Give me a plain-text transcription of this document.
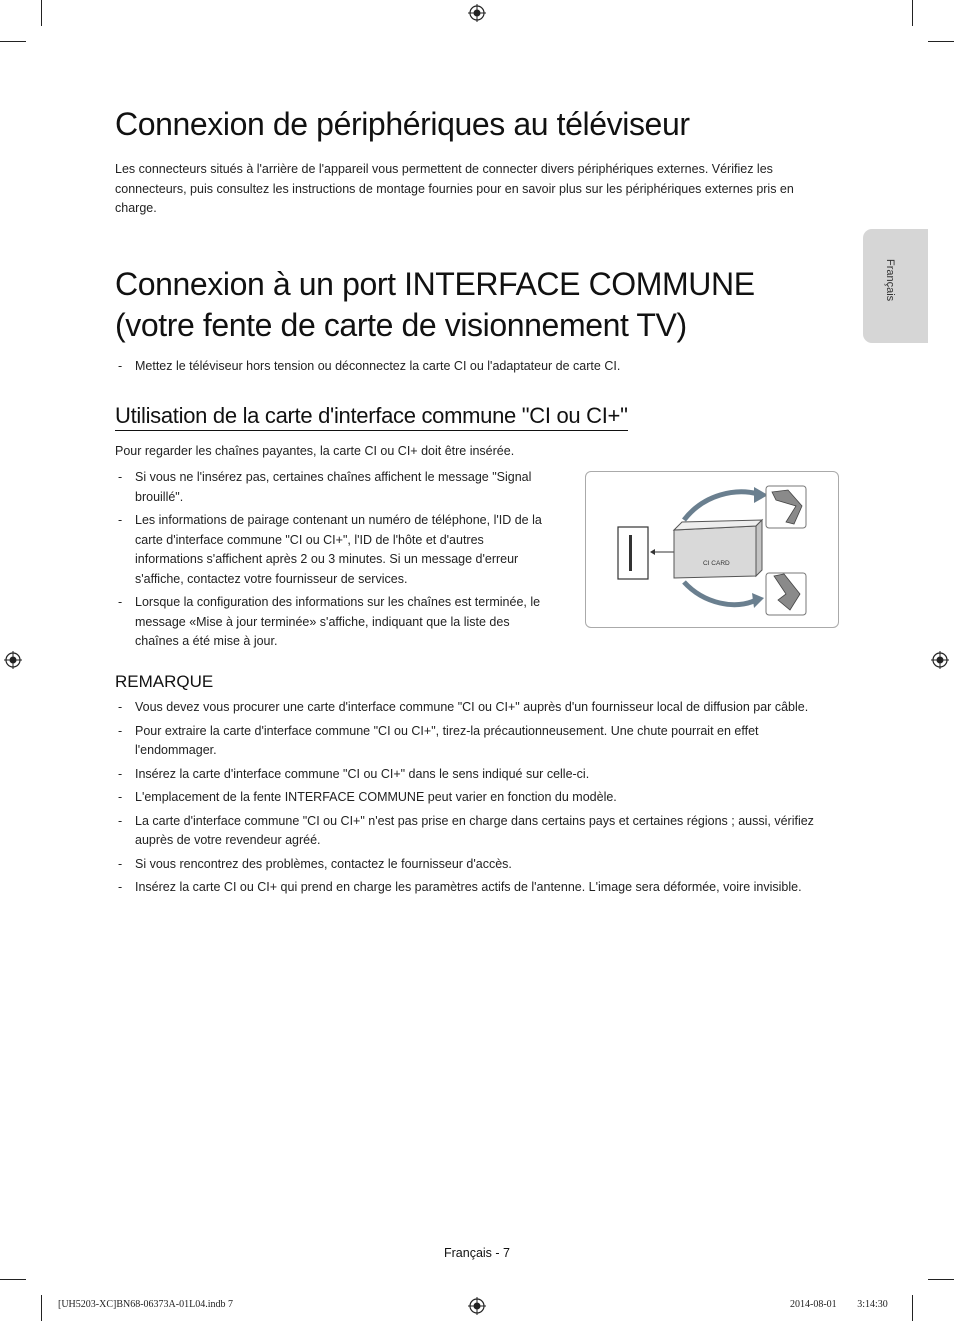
Français
Connexion de périphériques au téléviseur

Les connecteurs situés à l'arrière de l'appareil vous permettent de connecter divers périphériques externes. Vérifiez les connecteurs, puis consultez les instructions de montage fournies pour en savoir plus sur les périphériques externes pris en charge.

Connexion à un port INTERFACE COMMUNE
(votre fente de carte de visionnement TV)
- Mettez le téléviseur hors tension ou déconnectez la carte CI ou l'adaptateur de carte CI.
Utilisation de la carte d'interface commune "CI ou CI+"

Pour regarder les chaînes payantes, la carte CI ou CI+ doit être insérée.

- Si vous ne l'insérez pas, certaines chaînes affichent le message "Signal brouillé".
- Les informations de pairage contenant un numéro de téléphone, l'ID de la carte d'interface commune "CI ou CI+", l'ID de l'hôte et d'autres informations s'affichent après 2 ou 3 minutes. Si un message d'erreur s'affiche, contactez votre fournisseur de services.
- Lorsque la configuration des informations sur les chaînes est terminée, le message «Mise à jour terminée» s'affiche, indiquant que la liste des chaînes a été mise à jour.
CI CARD
REMARQUE
- Vous devez vous procurer une carte d'interface commune "CI ou CI+" auprès d'un fournisseur local de diffusion par câble.
- Pour extraire la carte d'interface commune "CI ou CI+", tirez-la précautionneusement. Une chute pourrait en effet l'endommager.
- Insérez la carte d'interface commune "CI ou CI+" dans le sens indiqué sur celle-ci.
- L'emplacement de la fente INTERFACE COMMUNE peut varier en fonction du modèle.
- La carte d'interface commune "CI ou CI+" n'est pas prise en charge dans certains pays et certaines régions ; aussi, vérifiez auprès de votre revendeur agréé.
- Si vous rencontrez des problèmes, contactez le fournisseur d'accès.
- Insérez la carte CI ou CI+ qui prend en charge les paramètres actifs de l'antenne. L'image sera déformée, voire invisible.
Français - 7
[UH5203-XC]BN68-06373A-01L04.indb 7	2014-08-01 ￿￿ 3:14:30
